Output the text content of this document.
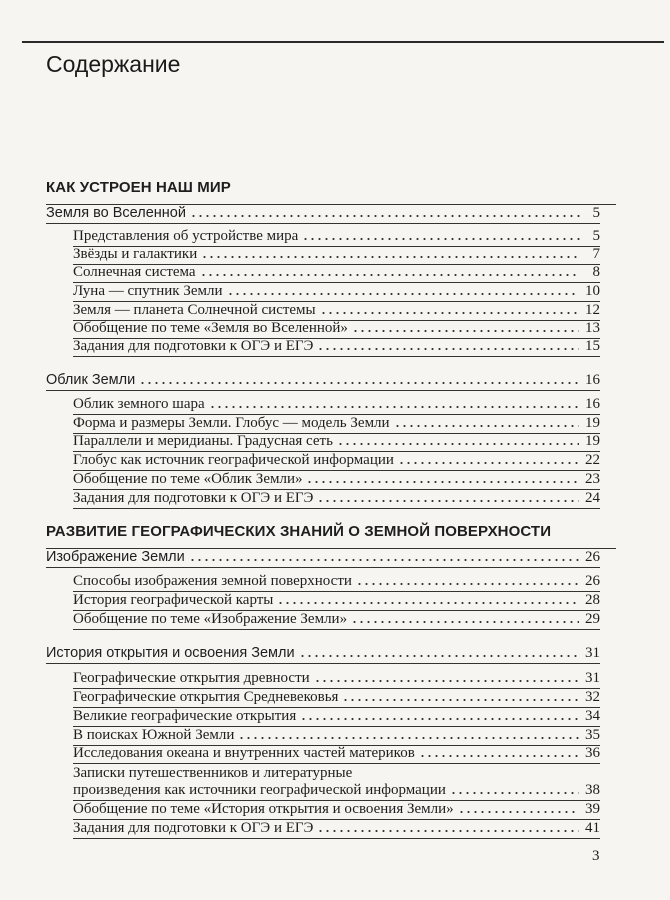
Содержание
КАК УСТРОЕН НАШ МИР
Земля во Вселенной	5
Представления об устройстве мира	5
Звёзды и галактики	7
Солнечная система	8
Луна — спутник Земли	10
Земля — планета Солнечной системы	12
Обобщение по теме «Земля во Вселенной»	13
Задания для подготовки к ОГЭ и ЕГЭ	15
Облик Земли	16
Облик земного шара	16
Форма и размеры Земли. Глобус — модель Земли	19
Параллели и меридианы. Градусная сеть	19
Глобус как источник географической информации	22
Обобщение по теме «Облик Земли»	23
Задания для подготовки к ОГЭ и ЕГЭ	24
РАЗВИТИЕ ГЕОГРАФИЧЕСКИХ ЗНАНИЙ О ЗЕМНОЙ ПОВЕРХНОСТИ
Изображение Земли	26
Способы изображения земной поверхности	26
История географической карты	28
Обобщение по теме «Изображение Земли»	29
История открытия и освоения Земли	31
Географические открытия древности	31
Географические открытия Средневековья	32
Великие географические открытия	34
В поисках Южной Земли	35
Исследования океана и внутренних частей материков	36
Записки путешественников и литературные
произведения как источники географической информации	38
Обобщение по теме «История открытия и освоения Земли»	39
Задания для подготовки к ОГЭ и ЕГЭ	41
3
